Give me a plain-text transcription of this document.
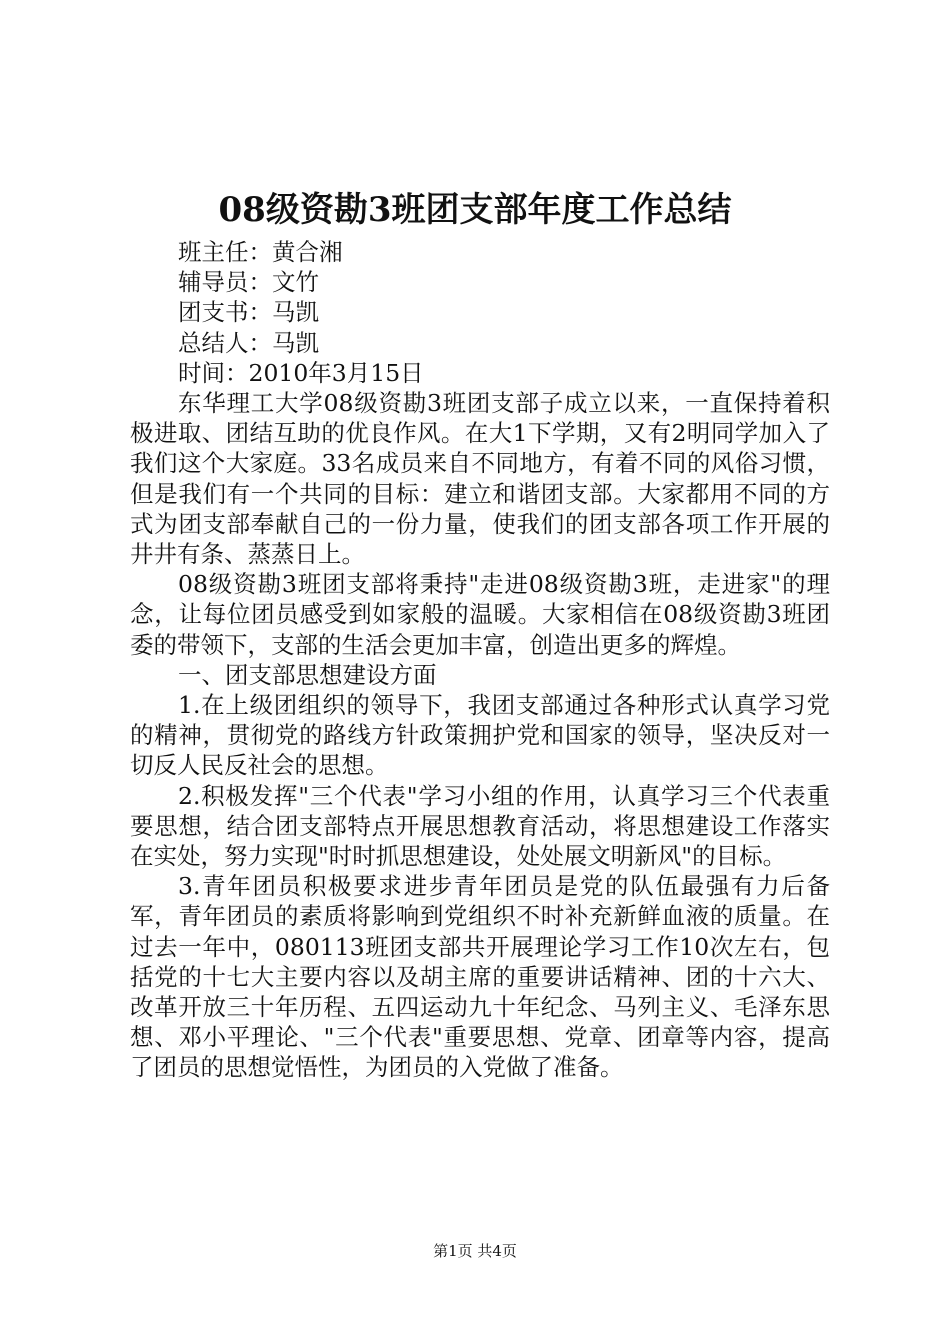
08级资勘3班团支部年度工作总结
班主任：黄合湘
辅导员：文竹
团支书：马凯
总结人：马凯
时间：2010年3月15日

东华理工大学08级资勘3班团支部子成立以来，一直保持着积极进取、团结互助的优良作风。在大1下学期，又有2明同学加入了我们这个大家庭。33名成员来自不同地方，有着不同的风俗习惯，但是我们有一个共同的目标：建立和谐团支部。大家都用不同的方式为团支部奉献自己的一份力量，使我们的团支部各项工作开展的井井有条、蒸蒸日上。

08级资勘3班团支部将秉持"走进08级资勘3班，走进家"的理念，让每位团员感受到如家般的温暖。大家相信在08级资勘3班团委的带领下，支部的生活会更加丰富，创造出更多的辉煌。

一、团支部思想建设方面

1.在上级团组织的领导下，我团支部通过各种形式认真学习党的精神，贯彻党的路线方针政策拥护党和国家的领导，坚决反对一切反人民反社会的思想。

2.积极发挥"三个代表"学习小组的作用，认真学习三个代表重要思想，结合团支部特点开展思想教育活动，将思想建设工作落实在实处，努力实现"时时抓思想建设，处处展文明新风"的目标。

3.青年团员积极要求进步青年团员是党的队伍最强有力后备军，青年团员的素质将影响到党组织不时补充新鲜血液的质量。在过去一年中，080113班团支部共开展理论学习工作10次左右，包括党的十七大主要内容以及胡主席的重要讲话精神、团的十六大、改革开放三十年历程、五四运动九十年纪念、马列主义、毛泽东思想、邓小平理论、"三个代表"重要思想、党章、团章等内容，提高了团员的思想觉悟性，为团员的入党做了准备。

第1页 共4页
